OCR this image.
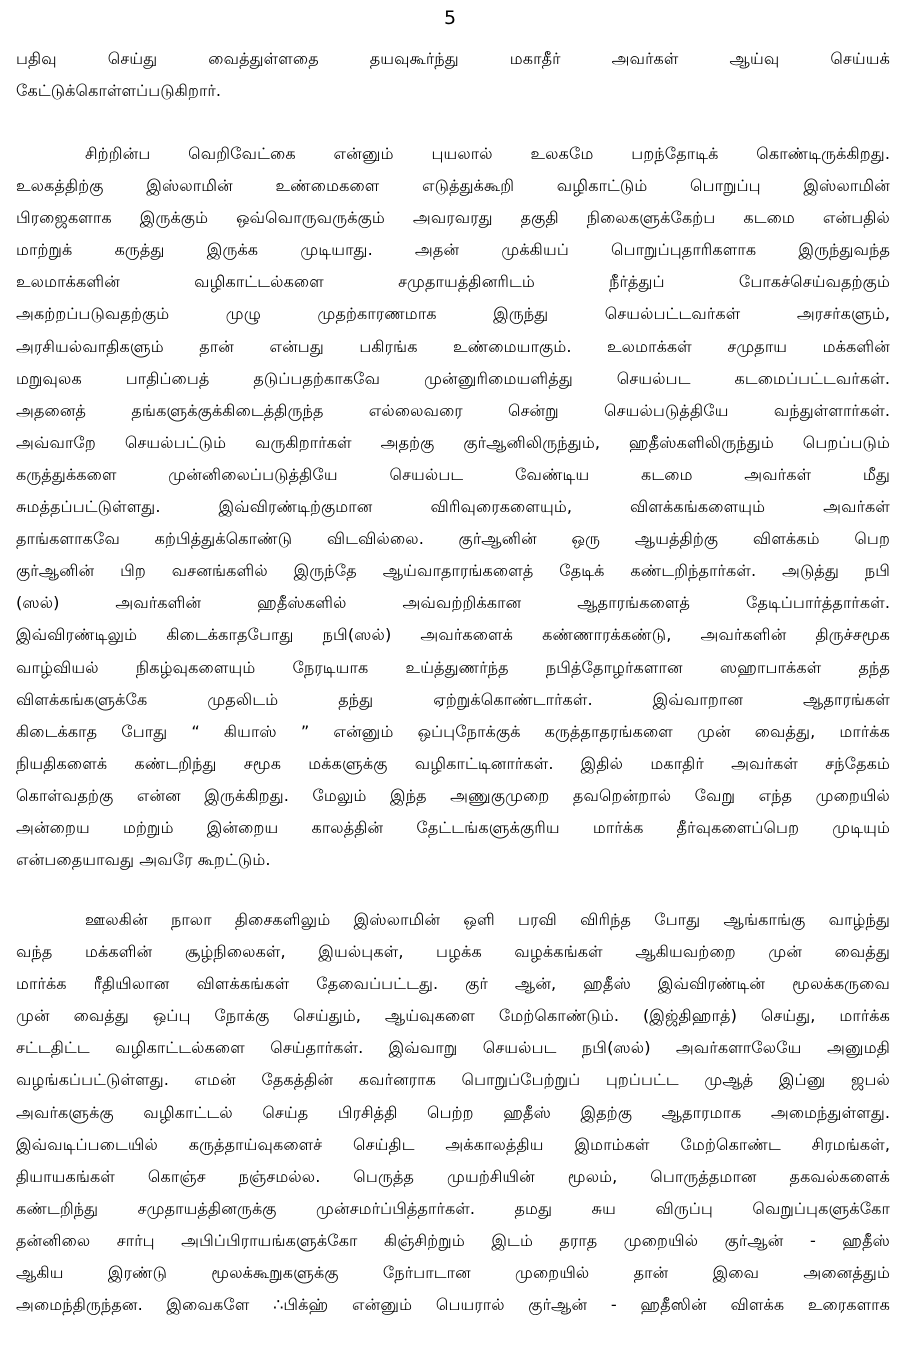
5
பதிவு செய்து வைத்துள்ளதை தயவுகூர்ந்து மகாதீர் அவர்கள் ஆய்வு செய்யக்
கேட்டுக்கொள்ளப்படுகிறார்.
சிற்றின்ப வெறிவேட்கை என்னும் புயலால் உலகமே பறந்தோடிக் கொண்டிருக்கிறது.
உலகத்திற்கு இஸ்லாமின் உண்மைகளை எடுத்துக்கூறி வழிகாட்டும் பொறுப்பு இஸ்லாமின்
பிரஜைகளாக இருக்கும் ஒவ்வொருவருக்கும் அவரவரது தகுதி நிலைகளுக்கேற்ப கடமை என்பதில்
மாற்றுக் கருத்து இருக்க முடியாது. அதன் முக்கியப் பொறுப்புதாரிகளாக இருந்துவந்த
உலமாக்களின் வழிகாட்டல்களை சமுதாயத்தினரிடம் நீர்த்துப் போகச்செய்வதற்கும்
அகற்றப்படுவதற்கும் முழு முதற்காரணமாக இருந்து செயல்பட்டவர்கள் அரசர்களும்,
அரசியல்வாதிகளும் தான் என்பது பகிரங்க உண்மையாகும். உலமாக்கள் சமுதாய மக்களின்
மறுவுலக பாதிப்பைத் தடுப்பதற்காகவே முன்னுரிமையளித்து செயல்பட கடமைப்பட்டவர்கள்.
அதனைத் தங்களுக்குக்கிடைத்திருந்த எல்லைவரை சென்று செயல்படுத்தியே வந்துள்ளார்கள்.
அவ்வாறே செயல்பட்டும் வருகிறார்கள் அதற்கு குர்ஆனிலிருந்தும், ஹதீஸ்களிலிருந்தும் பெறப்படும்
கருத்துக்களை முன்னிலைப்படுத்தியே செயல்பட வேண்டிய கடமை அவர்கள் மீது
சுமத்தப்பட்டுள்ளது. இவ்விரண்டிற்குமான விரிவுரைகளையும், விளக்கங்களையும் அவர்கள்
தாங்களாகவே கற்பித்துக்கொண்டு விடவில்லை. குர்ஆனின் ஒரு ஆயத்திற்கு விளக்கம் பெற
குர்ஆனின் பிற வசனங்களில் இருந்தே ஆய்வாதாரங்களைத் தேடிக் கண்டறிந்தார்கள். அடுத்து நபி
(ஸல்) அவர்களின் ஹதீஸ்களில் அவ்வற்றிக்கான ஆதாரங்களைத் தேடிப்பார்த்தார்கள்.
இவ்விரண்டிலும் கிடைக்காதபோது நபி(ஸல்) அவர்களைக் கண்ணாரக்கண்டு, அவர்களின் திருச்சமூக
வாழ்வியல் நிகழ்வுகளையும் நேரடியாக உய்த்துணர்ந்த நபித்தோழர்களான ஸஹாபாக்கள் தந்த
விளக்கங்களுக்கே முதலிடம் தந்து ஏற்றுக்கொண்டார்கள். இவ்வாறான ஆதாரங்கள்
கிடைக்காத போது “ கியாஸ் ” என்னும் ஒப்புநோக்குக் கருத்தாதரங்களை முன் வைத்து, மார்க்க
நியதிகளைக் கண்டறிந்து சமூக மக்களுக்கு வழிகாட்டினார்கள். இதில் மகாதிர் அவர்கள் சந்தேகம்
கொள்வதற்கு என்ன இருக்கிறது. மேலும் இந்த அணுகுமுறை தவறென்றால் வேறு எந்த முறையில்
அன்றைய மற்றும் இன்றைய காலத்தின் தேட்டங்களுக்குரிய மார்க்க தீர்வுகளைப்பெற முடியும்
என்பதையாவது அவரே கூறட்டும்.
ஊலகின் நாலா திசைகளிலும் இஸ்லாமின் ஒளி பரவி விரிந்த போது ஆங்காங்கு வாழ்ந்து
வந்த மக்களின் சூழ்நிலைகள், இயல்புகள், பழக்க வழக்கங்கள் ஆகியவற்றை முன் வைத்து
மார்க்க ரீதியிலான விளக்கங்கள் தேவைப்பட்டது. குர் ஆன், ஹதீஸ் இவ்விரண்டின் மூலக்கருவை
முன் வைத்து ஒப்பு நோக்கு செய்தும், ஆய்வுகளை மேற்கொண்டும். (இஜ்திஹாத்) செய்து, மார்க்க
சட்டதிட்ட வழிகாட்டல்களை செய்தார்கள். இவ்வாறு செயல்பட நபி(ஸல்) அவர்களாலேயே அனுமதி
வழங்கப்பட்டுள்ளது. எமன் தேகத்தின் கவர்னராக பொறுப்பேற்றுப் புறப்பட்ட முஆத் இப்னு ஜபல்
அவர்களுக்கு வழிகாட்டல் செய்த பிரசித்தி பெற்ற ஹதீஸ் இதற்கு ஆதாரமாக அமைந்துள்ளது.
இவ்வடிப்படையில் கருத்தாய்வுகளைச் செய்திட அக்காலத்திய இமாம்கள் மேற்கொண்ட சிரமங்கள்,
தியாயகங்கள் கொஞ்ச நஞ்சமல்ல. பெருத்த முயற்சியின் மூலம், பொருத்தமான தகவல்களைக்
கண்டறிந்து சமுதாயத்தினருக்கு முன்சமர்ப்பித்தார்கள். தமது சுய விருப்பு வெறுப்புகளுக்கோ
தன்னிலை சார்பு அபிப்பிராயங்களுக்கோ கிஞ்சிற்றும் இடம் தராத முறையில் குர்ஆன் - ஹதீஸ்
ஆகிய இரண்டு மூலக்கூறுகளுக்கு நேர்பாடான முறையில் தான் இவை அனைத்தும்
அமைந்திருந்தன. இவைகளே ∴பிக்ஹ் என்னும் பெயரால் குர்ஆன் - ஹதீஸின் விளக்க உரைகளாக
